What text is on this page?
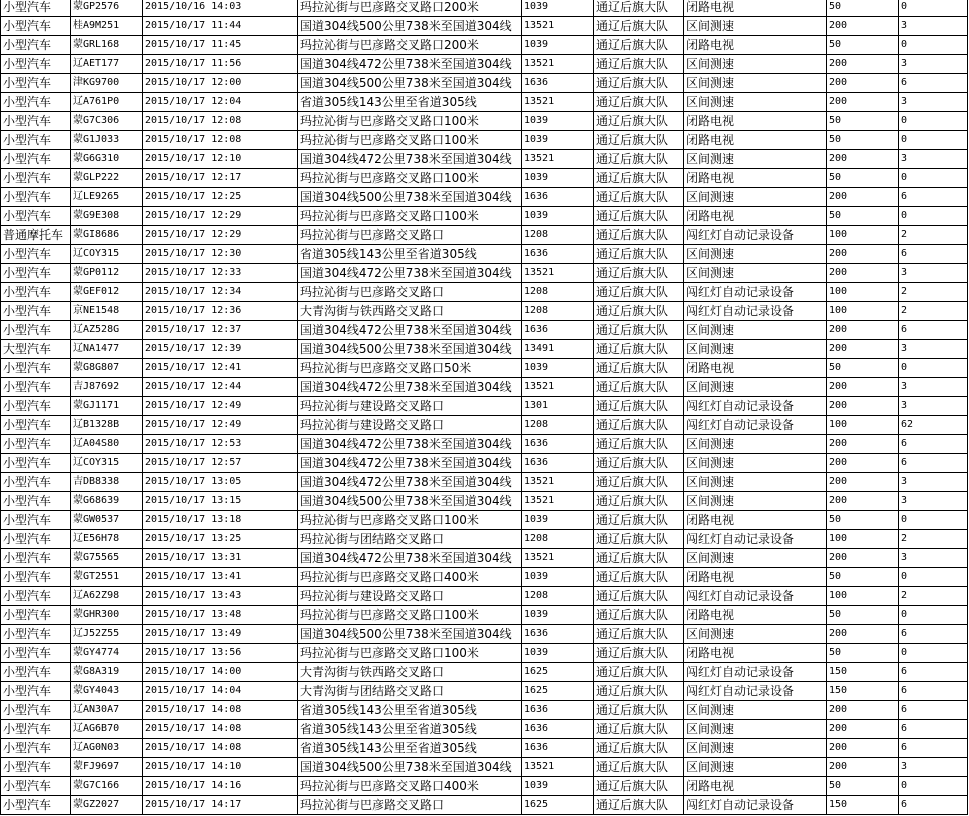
小型汽车	蒙GP2576	2015/10/16 14:03	玛拉沁街与巴彦路交叉路口200米	1039	通辽后旗大队	闭路电视	50	0
小型汽车	桂A9M251	2015/10/17 11:44	国道304线500公里738米至国道304线	13521	通辽后旗大队	区间测速	200	3
小型汽车	蒙GRL168	2015/10/17 11:45	玛拉沁街与巴彦路交叉路口200米	1039	通辽后旗大队	闭路电视	50	0
小型汽车	辽AET177	2015/10/17 11:56	国道304线472公里738米至国道304线	13521	通辽后旗大队	区间测速	200	3
小型汽车	津KG9700	2015/10/17 12:00	国道304线500公里738米至国道304线	1636	通辽后旗大队	区间测速	200	6
小型汽车	辽A761P0	2015/10/17 12:04	省道305线143公里至省道305线	13521	通辽后旗大队	区间测速	200	3
小型汽车	蒙G7C306	2015/10/17 12:08	玛拉沁街与巴彦路交叉路口100米	1039	通辽后旗大队	闭路电视	50	0
小型汽车	蒙G1J033	2015/10/17 12:08	玛拉沁街与巴彦路交叉路口100米	1039	通辽后旗大队	闭路电视	50	0
小型汽车	蒙G6G310	2015/10/17 12:10	国道304线472公里738米至国道304线	13521	通辽后旗大队	区间测速	200	3
小型汽车	蒙GLP222	2015/10/17 12:17	玛拉沁街与巴彦路交叉路口100米	1039	通辽后旗大队	闭路电视	50	0
小型汽车	辽LE9265	2015/10/17 12:25	国道304线500公里738米至国道304线	1636	通辽后旗大队	区间测速	200	6
小型汽车	蒙G9E308	2015/10/17 12:29	玛拉沁街与巴彦路交叉路口100米	1039	通辽后旗大队	闭路电视	50	0
普通摩托车	蒙GI8686	2015/10/17 12:29	玛拉沁街与巴彦路交叉路口	1208	通辽后旗大队	闯红灯自动记录设备	100	2
小型汽车	辽COY315	2015/10/17 12:30	省道305线143公里至省道305线	1636	通辽后旗大队	区间测速	200	6
小型汽车	蒙GP0112	2015/10/17 12:33	国道304线472公里738米至国道304线	13521	通辽后旗大队	区间测速	200	3
小型汽车	蒙GEF012	2015/10/17 12:34	玛拉沁街与巴彦路交叉路口	1208	通辽后旗大队	闯红灯自动记录设备	100	2
小型汽车	京NE1548	2015/10/17 12:36	大青沟街与铁西路交叉路口	1208	通辽后旗大队	闯红灯自动记录设备	100	2
小型汽车	辽AZ528G	2015/10/17 12:37	国道304线472公里738米至国道304线	1636	通辽后旗大队	区间测速	200	6
大型汽车	辽NA1477	2015/10/17 12:39	国道304线500公里738米至国道304线	13491	通辽后旗大队	区间测速	200	3
小型汽车	蒙G8G807	2015/10/17 12:41	玛拉沁街与巴彦路交叉路口50米	1039	通辽后旗大队	闭路电视	50	0
小型汽车	吉J87692	2015/10/17 12:44	国道304线472公里738米至国道304线	13521	通辽后旗大队	区间测速	200	3
小型汽车	蒙GJ1171	2015/10/17 12:49	玛拉沁街与建设路交叉路口	1301	通辽后旗大队	闯红灯自动记录设备	200	3
小型汽车	辽B1328B	2015/10/17 12:49	玛拉沁街与建设路交叉路口	1208	通辽后旗大队	闯红灯自动记录设备	100	62
小型汽车	辽A04S80	2015/10/17 12:53	国道304线472公里738米至国道304线	1636	通辽后旗大队	区间测速	200	6
小型汽车	辽COY315	2015/10/17 12:57	国道304线472公里738米至国道304线	1636	通辽后旗大队	区间测速	200	6
小型汽车	吉DB8338	2015/10/17 13:05	国道304线472公里738米至国道304线	13521	通辽后旗大队	区间测速	200	3
小型汽车	蒙G68639	2015/10/17 13:15	国道304线500公里738米至国道304线	13521	通辽后旗大队	区间测速	200	3
小型汽车	蒙GW0537	2015/10/17 13:18	玛拉沁街与巴彦路交叉路口100米	1039	通辽后旗大队	闭路电视	50	0
小型汽车	辽E56H78	2015/10/17 13:25	玛拉沁街与团结路交叉路口	1208	通辽后旗大队	闯红灯自动记录设备	100	2
小型汽车	蒙G75565	2015/10/17 13:31	国道304线472公里738米至国道304线	13521	通辽后旗大队	区间测速	200	3
小型汽车	蒙GT2551	2015/10/17 13:41	玛拉沁街与巴彦路交叉路口400米	1039	通辽后旗大队	闭路电视	50	0
小型汽车	辽A62Z98	2015/10/17 13:43	玛拉沁街与建设路交叉路口	1208	通辽后旗大队	闯红灯自动记录设备	100	2
小型汽车	蒙GHR300	2015/10/17 13:48	玛拉沁街与巴彦路交叉路口100米	1039	通辽后旗大队	闭路电视	50	0
小型汽车	辽J52Z55	2015/10/17 13:49	国道304线500公里738米至国道304线	1636	通辽后旗大队	区间测速	200	6
小型汽车	蒙GY4774	2015/10/17 13:56	玛拉沁街与巴彦路交叉路口100米	1039	通辽后旗大队	闭路电视	50	0
小型汽车	蒙G8A319	2015/10/17 14:00	大青沟街与铁西路交叉路口	1625	通辽后旗大队	闯红灯自动记录设备	150	6
小型汽车	蒙GY4043	2015/10/17 14:04	大青沟街与团结路交叉路口	1625	通辽后旗大队	闯红灯自动记录设备	150	6
小型汽车	辽AN30A7	2015/10/17 14:08	省道305线143公里至省道305线	1636	通辽后旗大队	区间测速	200	6
小型汽车	辽AG6B70	2015/10/17 14:08	省道305线143公里至省道305线	1636	通辽后旗大队	区间测速	200	6
小型汽车	辽AG0N03	2015/10/17 14:08	省道305线143公里至省道305线	1636	通辽后旗大队	区间测速	200	6
小型汽车	蒙FJ9697	2015/10/17 14:10	国道304线500公里738米至国道304线	13521	通辽后旗大队	区间测速	200	3
小型汽车	蒙G7C166	2015/10/17 14:16	玛拉沁街与巴彦路交叉路口400米	1039	通辽后旗大队	闭路电视	50	0
小型汽车	蒙GZ2027	2015/10/17 14:17	玛拉沁街与巴彦路交叉路口	1625	通辽后旗大队	闯红灯自动记录设备	150	6
